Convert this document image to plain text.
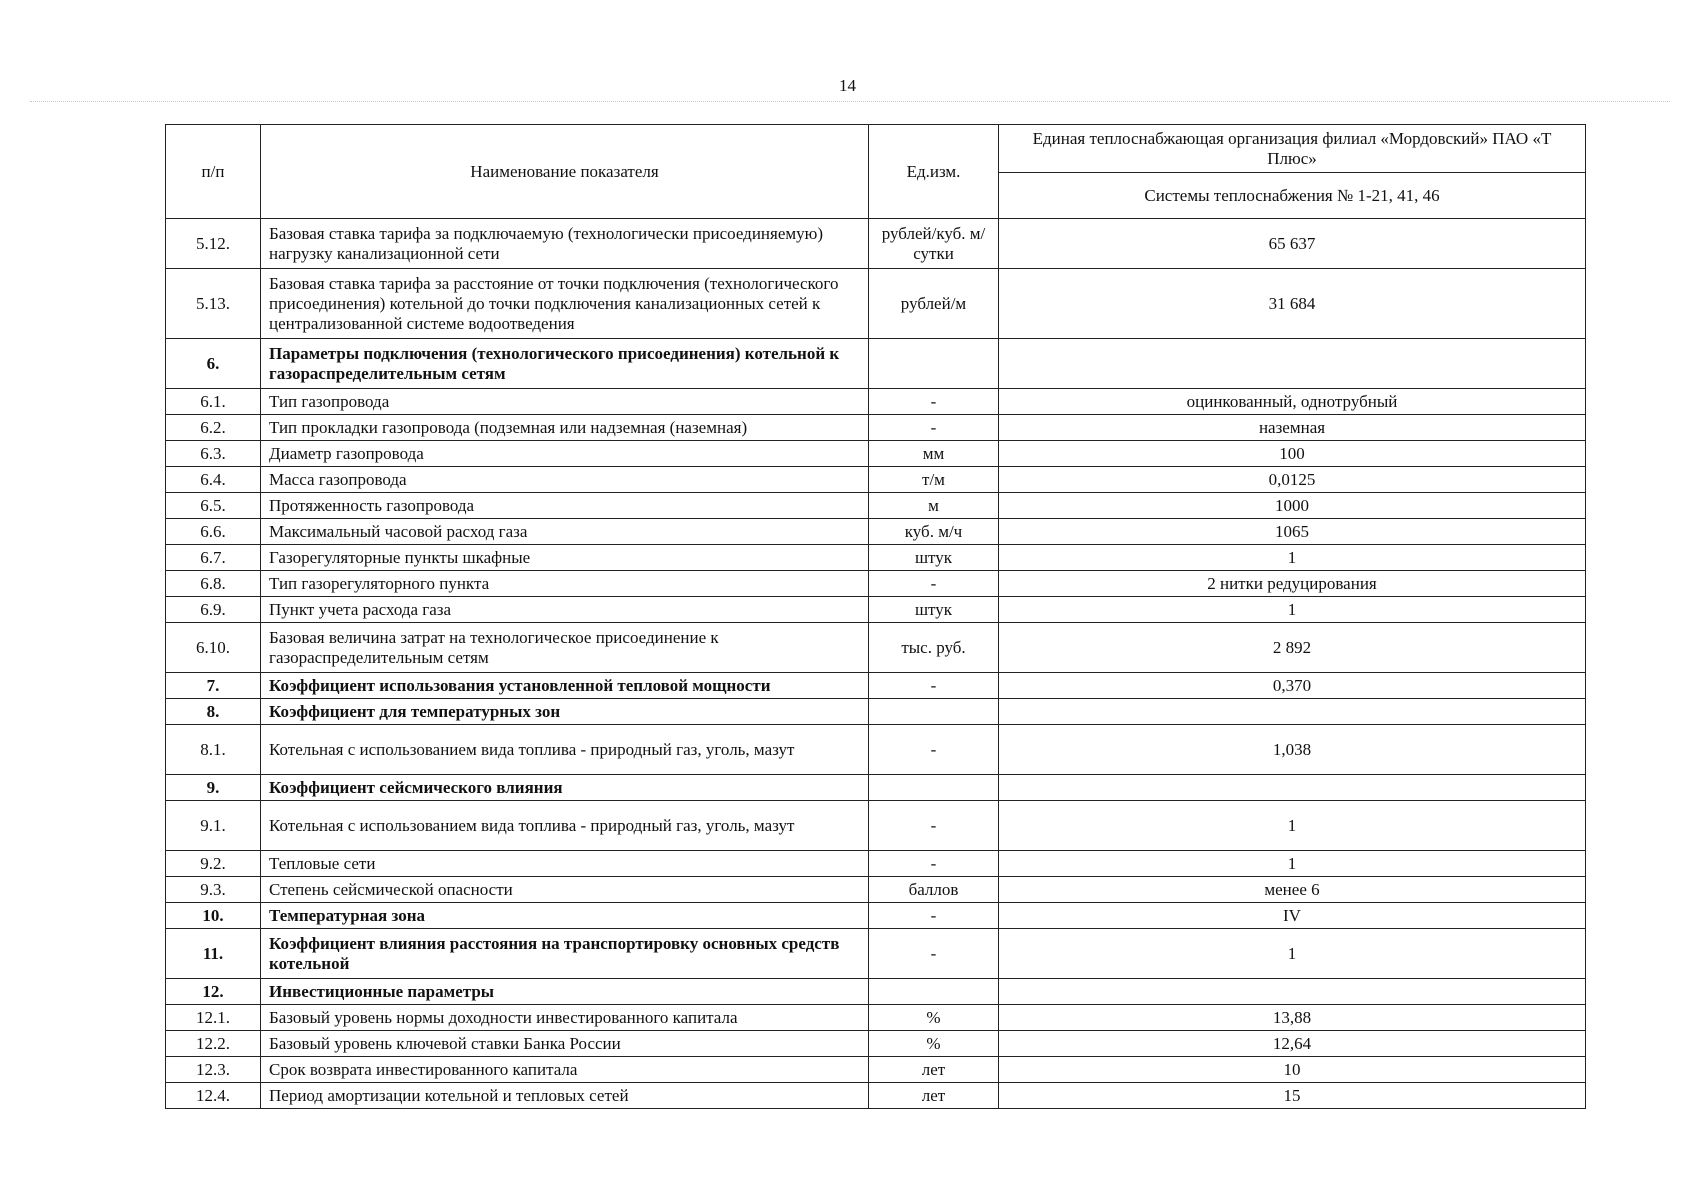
14
п/п	Наименование показателя	Ед.изм.	Единая теплоснабжающая организация филиал «Мордовский» ПАО «Т Плюс»
			Системы теплоснабжения № 1-21, 41, 46
5.12.	Базовая ставка тарифа за подключаемую (технологически присоединяемую) нагрузку канализационной сети	рублей/куб. м/сутки	65 637
5.13.	Базовая ставка тарифа за расстояние от точки подключения (технологического присоединения) котельной до точки подключения канализационных сетей к централизованной системе водоотведения	рублей/м	31 684
6.	Параметры подключения (технологического присоединения) котельной к газораспределительным сетям		
6.1.	Тип газопровода	-	оцинкованный, однотрубный
6.2.	Тип прокладки газопровода (подземная или надземная (наземная)	-	наземная
6.3.	Диаметр газопровода	мм	100
6.4.	Масса газопровода	т/м	0,0125
6.5.	Протяженность газопровода	м	1000
6.6.	Максимальный часовой расход газа	куб. м/ч	1065
6.7.	Газорегуляторные пункты шкафные	штук	1
6.8.	Тип газорегуляторного пункта	-	2 нитки редуцирования
6.9.	Пункт учета расхода газа	штук	1
6.10.	Базовая величина затрат на технологическое присоединение к газораспределительным сетям	тыс. руб.	2 892
7.	Коэффициент использования установленной тепловой мощности	-	0,370
8.	Коэффициент для температурных зон		
8.1.	Котельная с использованием вида топлива - природный газ, уголь, мазут	-	1,038
9.	Коэффициент сейсмического влияния		
9.1.	Котельная с использованием вида топлива - природный газ, уголь, мазут	-	1
9.2.	Тепловые сети	-	1
9.3.	Степень сейсмической опасности	баллов	менее 6
10.	Температурная зона	-	IV
11.	Коэффициент влияния расстояния на транспортировку основных средств котельной	-	1
12.	Инвестиционные параметры		
12.1.	Базовый уровень нормы доходности инвестированного капитала	%	13,88
12.2.	Базовый уровень ключевой ставки Банка России	%	12,64
12.3.	Срок возврата инвестированного капитала	лет	10
12.4.	Период амортизации котельной и тепловых сетей	лет	15
